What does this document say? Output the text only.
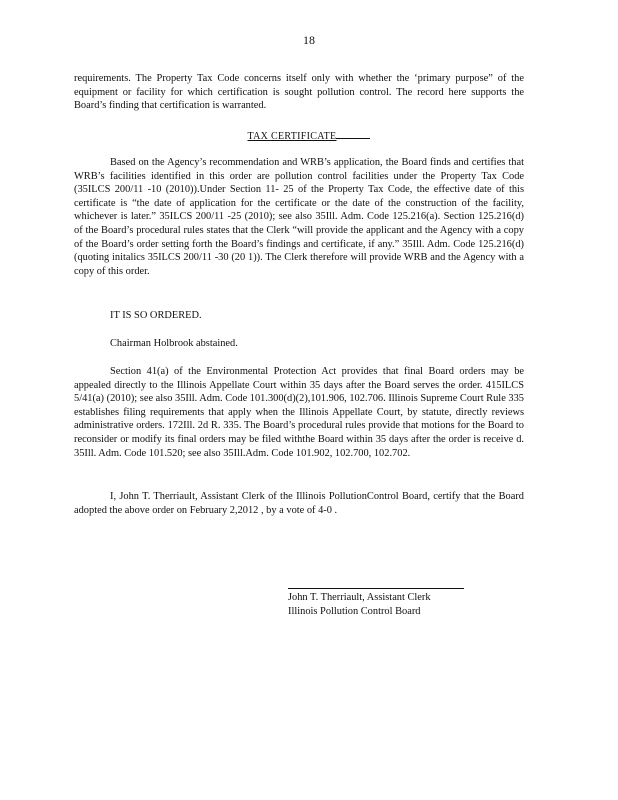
18
requirements. The Property Tax Code concerns itself only with whether the ‘primary purpose” of the equipment or facility for which certification is sought pollution control. The record here supports the Board’s finding that certification is warranted.
TAX CERTIFICATE
Based on the Agency’s recommendation and WRB’s application, the Board finds and certifies that WRB’s facilities identified in this order are pollution control facilities under the Property Tax Code (35ILCS 200/11 -10 (2010)).Under Section 11- 25 of the Property Tax Code, the effective date of this certificate is “the date of application for the certificate or the date of the construction of the facility, whichever is later.” 35ILCS 200/11 -25 (2010); see also 35Ill. Adm. Code 125.216(a). Section 125.216(d) of the Board’s procedural rules states that the Clerk “will provide the applicant and the Agency with a copy of the Board’s order setting forth the Board’s findings and certificate, if any.” 35Ill. Adm. Code 125.216(d) (quoting initalics 35ILCS 200/11 -30 (20 1)). The Clerk therefore will provide WRB and the Agency with a copy of this order.
IT IS SO ORDERED.
Chairman Holbrook abstained.
Section 41(a) of the Environmental Protection Act provides that final Board orders may be appealed directly to the Illinois Appellate Court within 35 days after the Board serves the order. 415ILCS 5/41(a) (2010); see also 35Ill. Adm. Code 101.300(d)(2),101.906, 102.706. Illinois Supreme Court Rule 335 establishes filing requirements that apply when the Illinois Appellate Court, by statute, directly reviews administrative orders. 172Ill. 2d R. 335. The Board’s procedural rules provide that motions for the Board to reconsider or modify its final orders may be filed withthe Board within 35 days after the order is receive d. 35Ill. Adm. Code 101.520; see also 35Ill.Adm. Code 101.902, 102.700, 102.702.
I, John T. Therriault, Assistant Clerk of the Illinois PollutionControl Board, certify that the Board adopted the above order on February 2,2012 , by a vote of 4-0 .
John T. Therriault, Assistant Clerk
Illinois Pollution Control Board
